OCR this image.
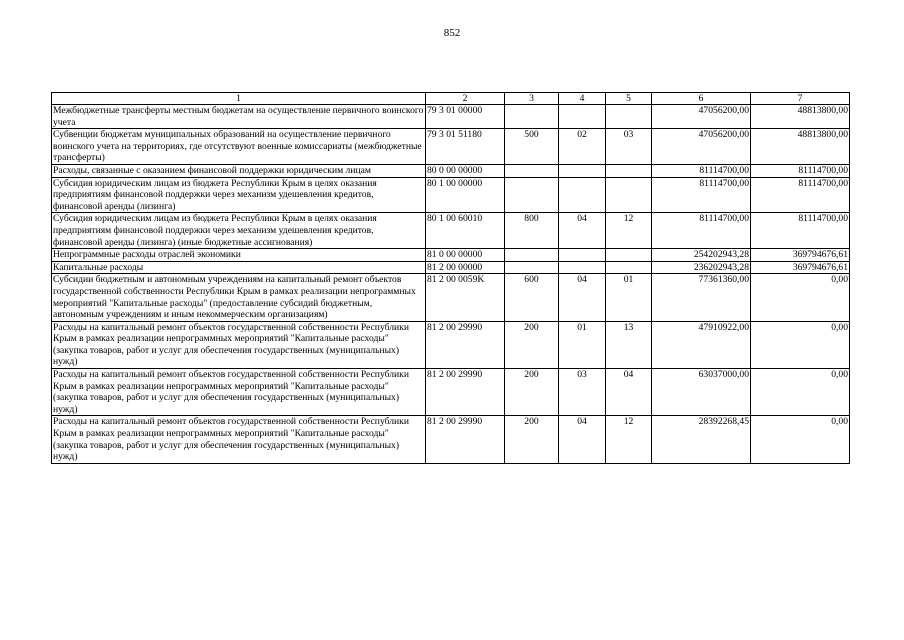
852
1	2	3	4	5	6	7
Межбюджетные трансферты местным бюджетам на осуществление первичного воинского учета	79 3 01 00000				47056200,00	48813800,00
Субвенции бюджетам муниципальных образований на осуществление первичного воинского учета на территориях, где отсутствуют военные комиссариаты (межбюджетные трансферты)	79 3 01 51180	500	02	03	47056200,00	48813800,00
Расходы, связанные с оказанием финансовой поддержки юридическим лицам	80 0 00 00000				81114700,00	81114700,00
Субсидия юридическим лицам из бюджета Республики Крым в целях оказания предприятиям финансовой поддержки через механизм удешевления кредитов, финансовой аренды (лизинга)	80 1 00 00000				81114700,00	81114700,00
Субсидия юридическим лицам из бюджета Республики Крым в целях оказания предприятиям финансовой поддержки через механизм удешевления кредитов, финансовой аренды (лизинга) (иные бюджетные ассигнования)	80 1 00 60010	800	04	12	81114700,00	81114700,00
Непрограммные расходы отраслей экономики	81 0 00 00000				254202943,28	369794676,61
Капитальные расходы	81 2 00 00000				236202943,28	369794676,61
Субсидии бюджетным и автономным учреждениям на капитальный ремонт объектов государственной собственности Республики Крым в рамках реализации непрограммных мероприятий "Капитальные расходы" (предоставление субсидий бюджетным, автономным учреждениям и иным некоммерческим организациям)	81 2 00 0059K	600	04	01	77361360,00	0,00
Расходы на капитальный ремонт объектов государственной собственности Республики Крым в рамках реализации непрограммных мероприятий "Капитальные расходы" (закупка товаров, работ и услуг для обеспечения государственных (муниципальных) нужд)	81 2 00 29990	200	01	13	47910922,00	0,00
Расходы на капитальный ремонт объектов государственной собственности Республики Крым в рамках реализации непрограммных мероприятий "Капитальные расходы" (закупка товаров, работ и услуг для обеспечения государственных (муниципальных) нужд)	81 2 00 29990	200	03	04	63037000,00	0,00
Расходы на капитальный ремонт объектов государственной собственности Республики Крым в рамках реализации непрограммных мероприятий "Капитальные расходы" (закупка товаров, работ и услуг для обеспечения государственных (муниципальных) нужд)	81 2 00 29990	200	04	12	28392268,45	0,00
